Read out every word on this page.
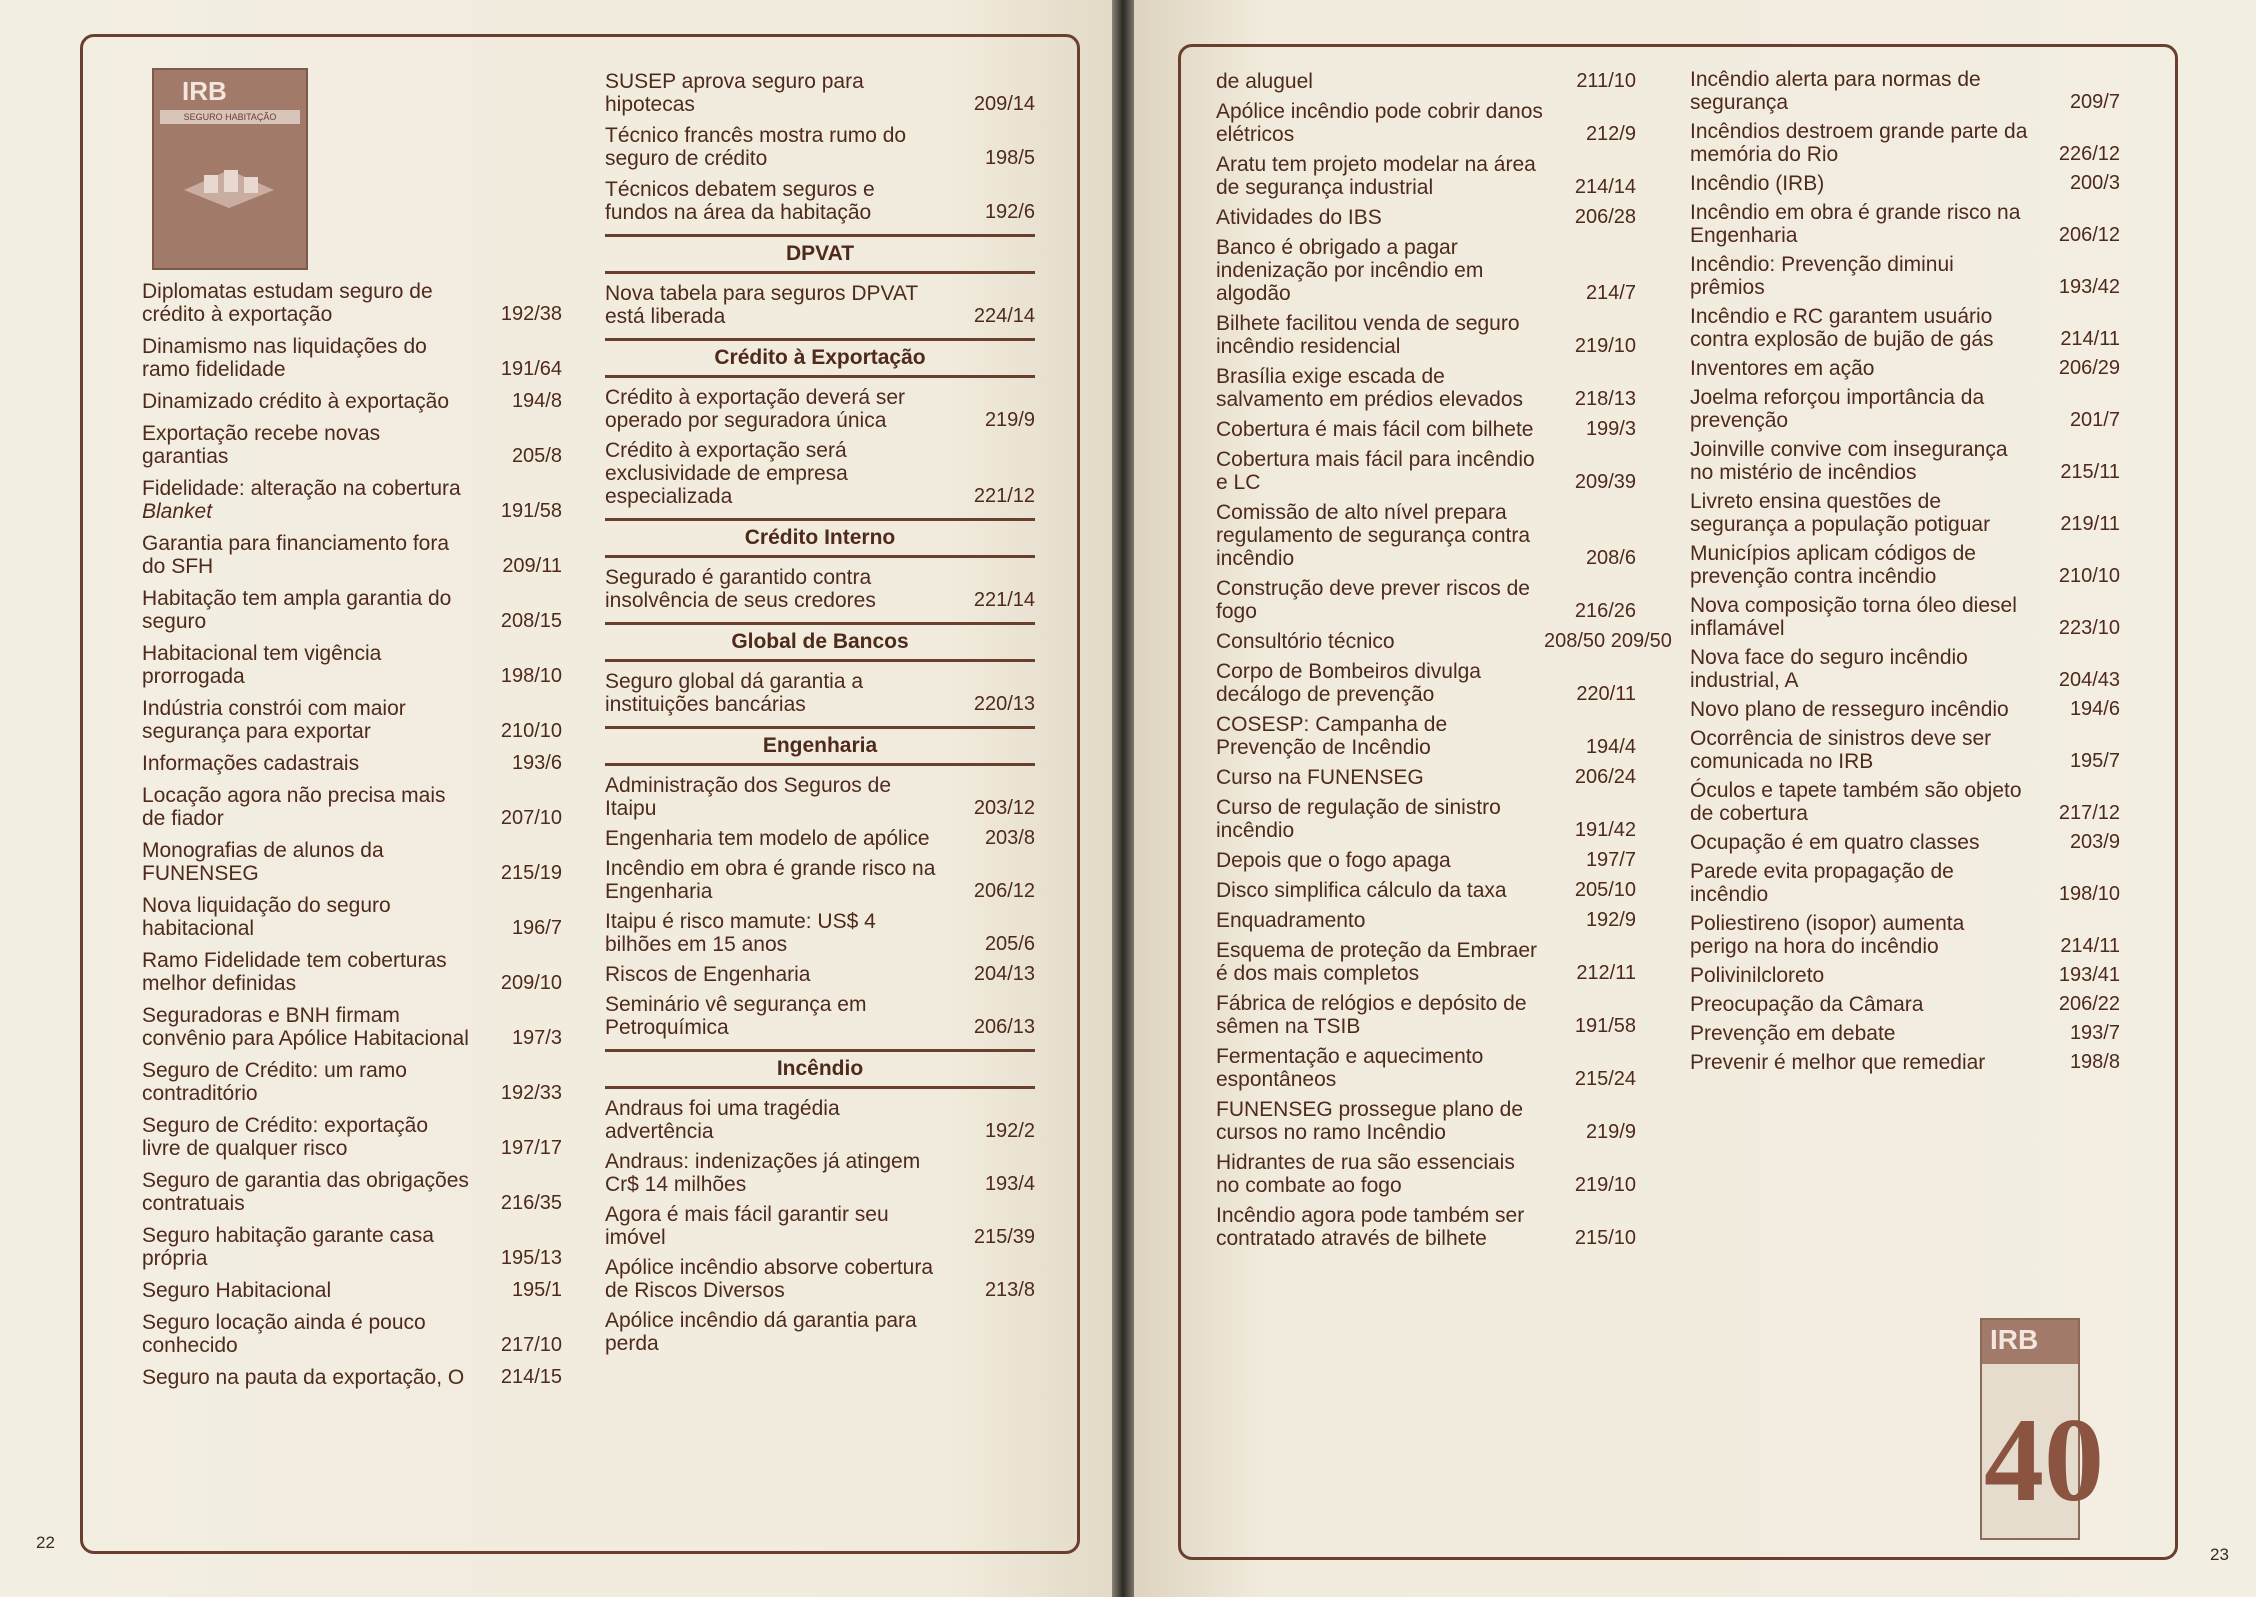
IRB
SEGURO HABITAÇÃO
Diplomatas estudam seguro de crédito à exportação	192/38
Dinamismo nas liquidações do ramo fidelidade	191/64
Dinamizado crédito à exportação	194/8
Exportação recebe novas garantias	205/8
Fidelidade: alteração na cobertura Blanket	191/58
Garantia para financiamento fora do SFH	209/11
Habitação tem ampla garantia do seguro	208/15
Habitacional tem vigência prorrogada	198/10
Indústria constrói com maior segurança para exportar	210/10
Informações cadastrais	193/6
Locação agora não precisa mais de fiador	207/10
Monografias de alunos da FUNENSEG	215/19
Nova liquidação do seguro habitacional	196/7
Ramo Fidelidade tem coberturas melhor definidas	209/10
Seguradoras e BNH firmam convênio para Apólice Habitacional	197/3
Seguro de Crédito: um ramo contraditório	192/33
Seguro de Crédito: exportação livre de qualquer risco	197/17
Seguro de garantia das obrigações contratuais	216/35
Seguro habitação garante casa própria	195/13
Seguro Habitacional	195/1
Seguro locação ainda é pouco conhecido	217/10
Seguro na pauta da exportação, O	214/15
SUSEP aprova seguro para hipotecas	209/14
Técnico francês mostra rumo do seguro de crédito	198/5
Técnicos debatem seguros e fundos na área da habitação	192/6
DPVAT
Nova tabela para seguros DPVAT está liberada	224/14
Crédito à Exportação
Crédito à exportação deverá ser operado por seguradora única	219/9
Crédito à exportação será exclusividade de empresa especializada	221/12
Crédito Interno
Segurado é garantido contra insolvência de seus credores	221/14
Global de Bancos
Seguro global dá garantia a instituições bancárias	220/13
Engenharia
Administração dos Seguros de Itaipu	203/12
Engenharia tem modelo de apólice	203/8
Incêndio em obra é grande risco na Engenharia	206/12
Itaipu é risco mamute: US$ 4 bilhões em 15 anos	205/6
Riscos de Engenharia	204/13
Seminário vê segurança em Petroquímica	206/13
Incêndio
Andraus foi uma tragédia advertência	192/2
Andraus: indenizações já atingem Cr$ 14 milhões	193/4
Agora é mais fácil garantir seu imóvel	215/39
Apólice incêndio absorve cobertura de Riscos Diversos	213/8
Apólice incêndio dá garantia para perda
de aluguel	211/10
Apólice incêndio pode cobrir danos elétricos	212/9
Aratu tem projeto modelar na área de segurança industrial	214/14
Atividades do IBS	206/28
Banco é obrigado a pagar indenização por incêndio em algodão	214/7
Bilhete facilitou venda de seguro incêndio residencial	219/10
Brasília exige escada de salvamento em prédios elevados	218/13
Cobertura é mais fácil com bilhete	199/3
Cobertura mais fácil para incêndio e LC	209/39
Comissão de alto nível prepara regulamento de segurança contra incêndio	208/6
Construção deve prever riscos de fogo	216/26
Consultório técnico	208/50 209/50
Corpo de Bombeiros divulga decálogo de prevenção	220/11
COSESP: Campanha de Prevenção de Incêndio	194/4
Curso na FUNENSEG	206/24
Curso de regulação de sinistro incêndio	191/42
Depois que o fogo apaga	197/7
Disco simplifica cálculo da taxa	205/10
Enquadramento	192/9
Esquema de proteção da Embraer é dos mais completos	212/11
Fábrica de relógios e depósito de sêmen na TSIB	191/58
Fermentação e aquecimento espontâneos	215/24
FUNENSEG prossegue plano de cursos no ramo Incêndio	219/9
Hidrantes de rua são essenciais no combate ao fogo	219/10
Incêndio agora pode também ser contratado através de bilhete	215/10
Incêndio alerta para normas de segurança	209/7
Incêndios destroem grande parte da memória do Rio	226/12
Incêndio (IRB)	200/3
Incêndio em obra é grande risco na Engenharia	206/12
Incêndio: Prevenção diminui prêmios	193/42
Incêndio e RC garantem usuário contra explosão de bujão de gás	214/11
Inventores em ação	206/29
Joelma reforçou importância da prevenção	201/7
Joinville convive com insegurança no mistério de incêndios	215/11
Livreto ensina questões de segurança a população potiguar	219/11
Municípios aplicam códigos de prevenção contra incêndio	210/10
Nova composição torna óleo diesel inflamável	223/10
Nova face do seguro incêndio industrial, A	204/43
Novo plano de resseguro incêndio	194/6
Ocorrência de sinistros deve ser comunicada no IRB	195/7
Óculos e tapete também são objeto de cobertura	217/12
Ocupação é em quatro classes	203/9
Parede evita propagação de incêndio	198/10
Poliestireno (isopor) aumenta perigo na hora do incêndio	214/11
Polivinilcloreto	193/41
Preocupação da Câmara	206/22
Prevenção em debate	193/7
Prevenir é melhor que remediar	198/8
IRB
40
22
23
